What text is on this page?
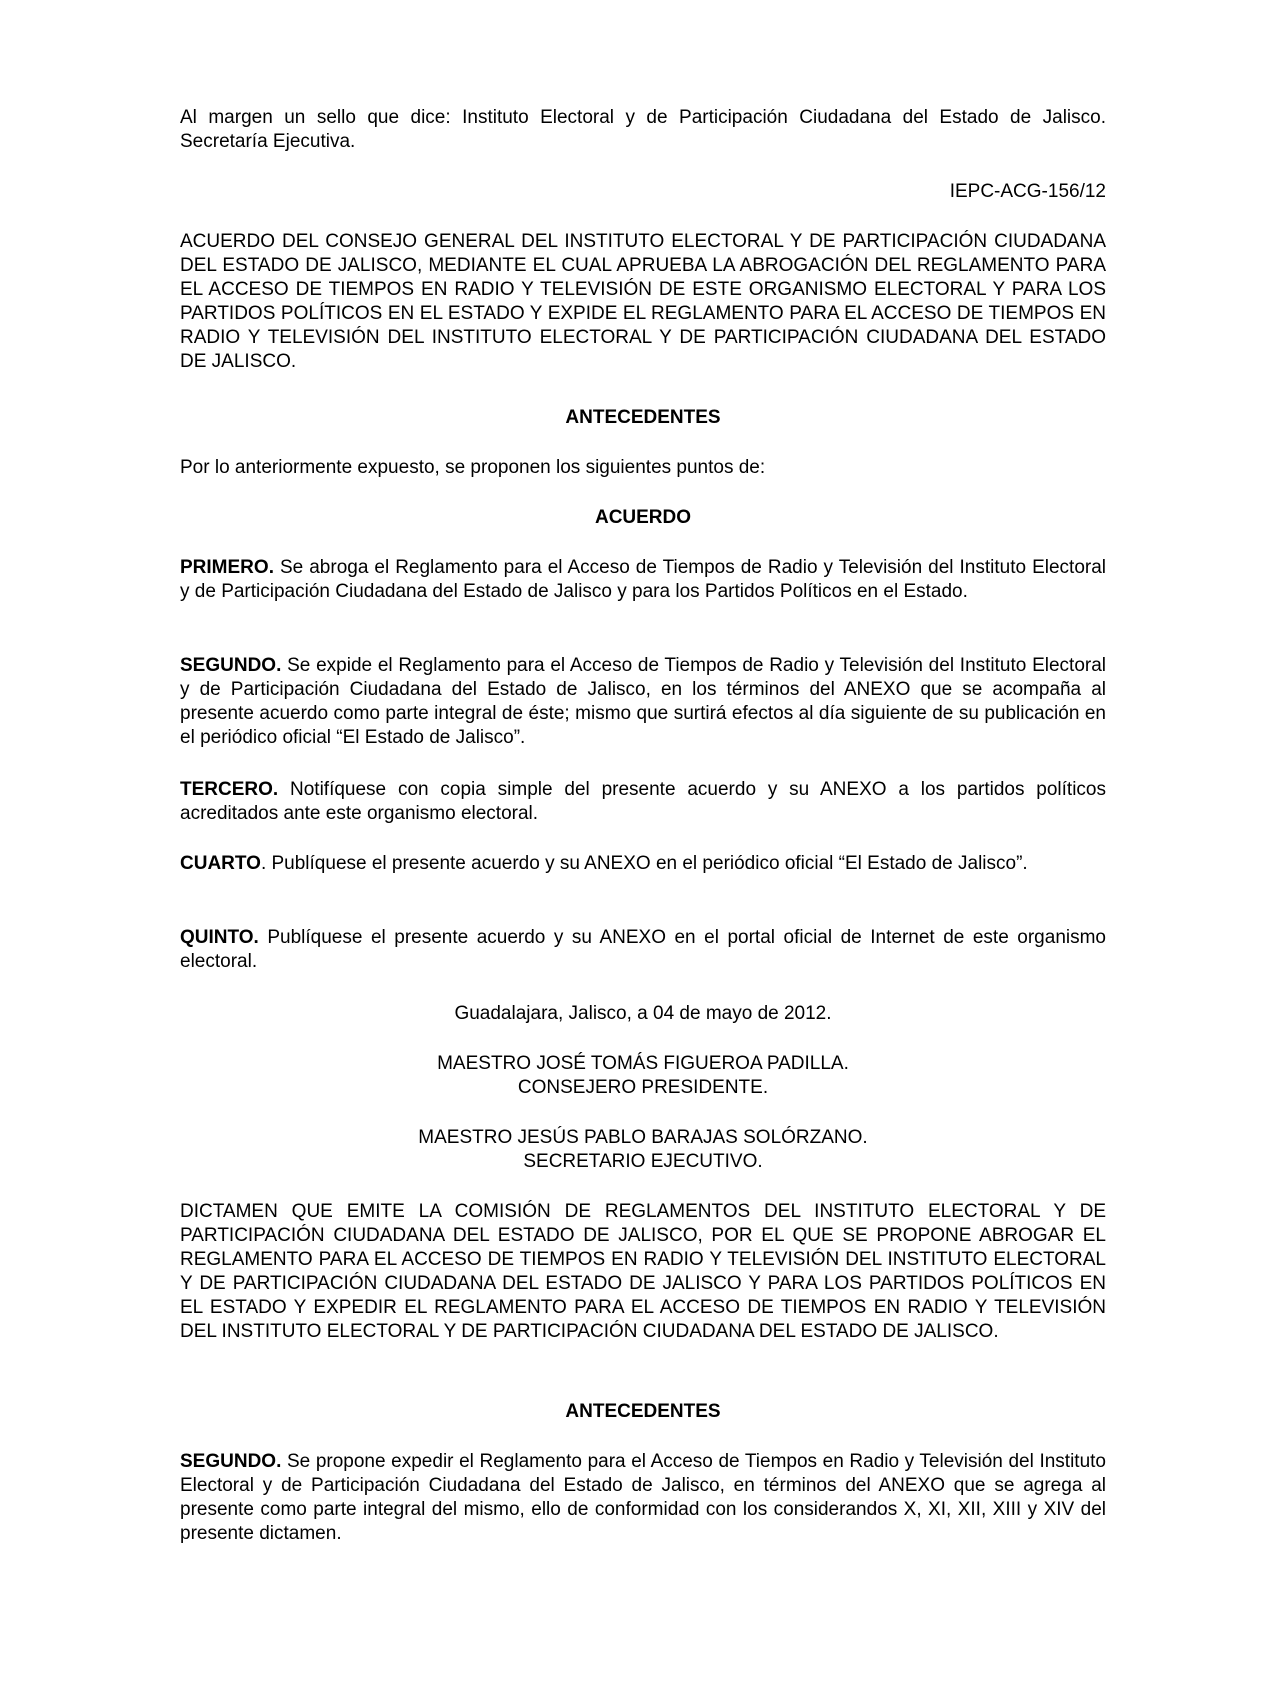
Al margen un sello que dice: Instituto Electoral y de Participación Ciudadana del Estado de Jalisco. Secretaría Ejecutiva.

IEPC-ACG-156/12

ACUERDO DEL CONSEJO GENERAL DEL INSTITUTO ELECTORAL Y DE PARTICIPACIÓN CIUDADANA DEL ESTADO DE JALISCO, MEDIANTE EL CUAL APRUEBA LA ABROGACIÓN DEL REGLAMENTO PARA EL ACCESO DE TIEMPOS EN RADIO Y TELEVISIÓN DE ESTE ORGANISMO ELECTORAL Y PARA LOS PARTIDOS POLÍTICOS EN EL ESTADO Y EXPIDE EL REGLAMENTO PARA EL ACCESO DE TIEMPOS EN RADIO Y TELEVISIÓN DEL INSTITUTO ELECTORAL Y DE PARTICIPACIÓN CIUDADANA DEL ESTADO DE JALISCO.

ANTECEDENTES

Por lo anteriormente expuesto, se proponen los siguientes puntos de:

ACUERDO

PRIMERO. Se abroga el Reglamento para el Acceso de Tiempos de Radio y Televisión del Instituto Electoral y de Participación Ciudadana del Estado de Jalisco y para los Partidos Políticos en el Estado.

SEGUNDO. Se expide el Reglamento para el Acceso de Tiempos de Radio y Televisión del Instituto Electoral y de Participación Ciudadana del Estado de Jalisco, en los términos del ANEXO que se acompaña al presente acuerdo como parte integral de éste; mismo que surtirá efectos al día siguiente de su publicación en el periódico oficial “El Estado de Jalisco”.

TERCERO. Notifíquese con copia simple del presente acuerdo y su ANEXO a los partidos políticos acreditados ante este organismo electoral.

CUARTO. Publíquese el presente acuerdo y su ANEXO en el periódico oficial “El Estado de Jalisco”.

QUINTO. Publíquese el presente acuerdo y su ANEXO en el portal oficial de Internet de este organismo electoral.

Guadalajara, Jalisco, a 04 de mayo de 2012.

MAESTRO JOSÉ TOMÁS FIGUEROA PADILLA.

CONSEJERO PRESIDENTE.

MAESTRO JESÚS PABLO BARAJAS SOLÓRZANO.

SECRETARIO EJECUTIVO.

DICTAMEN QUE EMITE LA COMISIÓN DE REGLAMENTOS DEL INSTITUTO ELECTORAL Y DE PARTICIPACIÓN CIUDADANA DEL ESTADO DE JALISCO, POR EL QUE SE PROPONE ABROGAR EL REGLAMENTO PARA EL ACCESO DE TIEMPOS EN RADIO Y TELEVISIÓN DEL INSTITUTO ELECTORAL Y DE PARTICIPACIÓN CIUDADANA DEL ESTADO DE JALISCO Y PARA LOS PARTIDOS POLÍTICOS EN EL ESTADO Y EXPEDIR EL REGLAMENTO PARA EL ACCESO DE TIEMPOS EN RADIO Y TELEVISIÓN DEL INSTITUTO ELECTORAL Y DE PARTICIPACIÓN CIUDADANA DEL ESTADO DE JALISCO.

ANTECEDENTES

SEGUNDO. Se propone expedir el Reglamento para el Acceso de Tiempos en Radio y Televisión del Instituto Electoral y de Participación Ciudadana del Estado de Jalisco, en términos del ANEXO que se agrega al presente como parte integral del mismo, ello de conformidad con los considerandos X, XI, XII, XIII y XIV del presente dictamen.
